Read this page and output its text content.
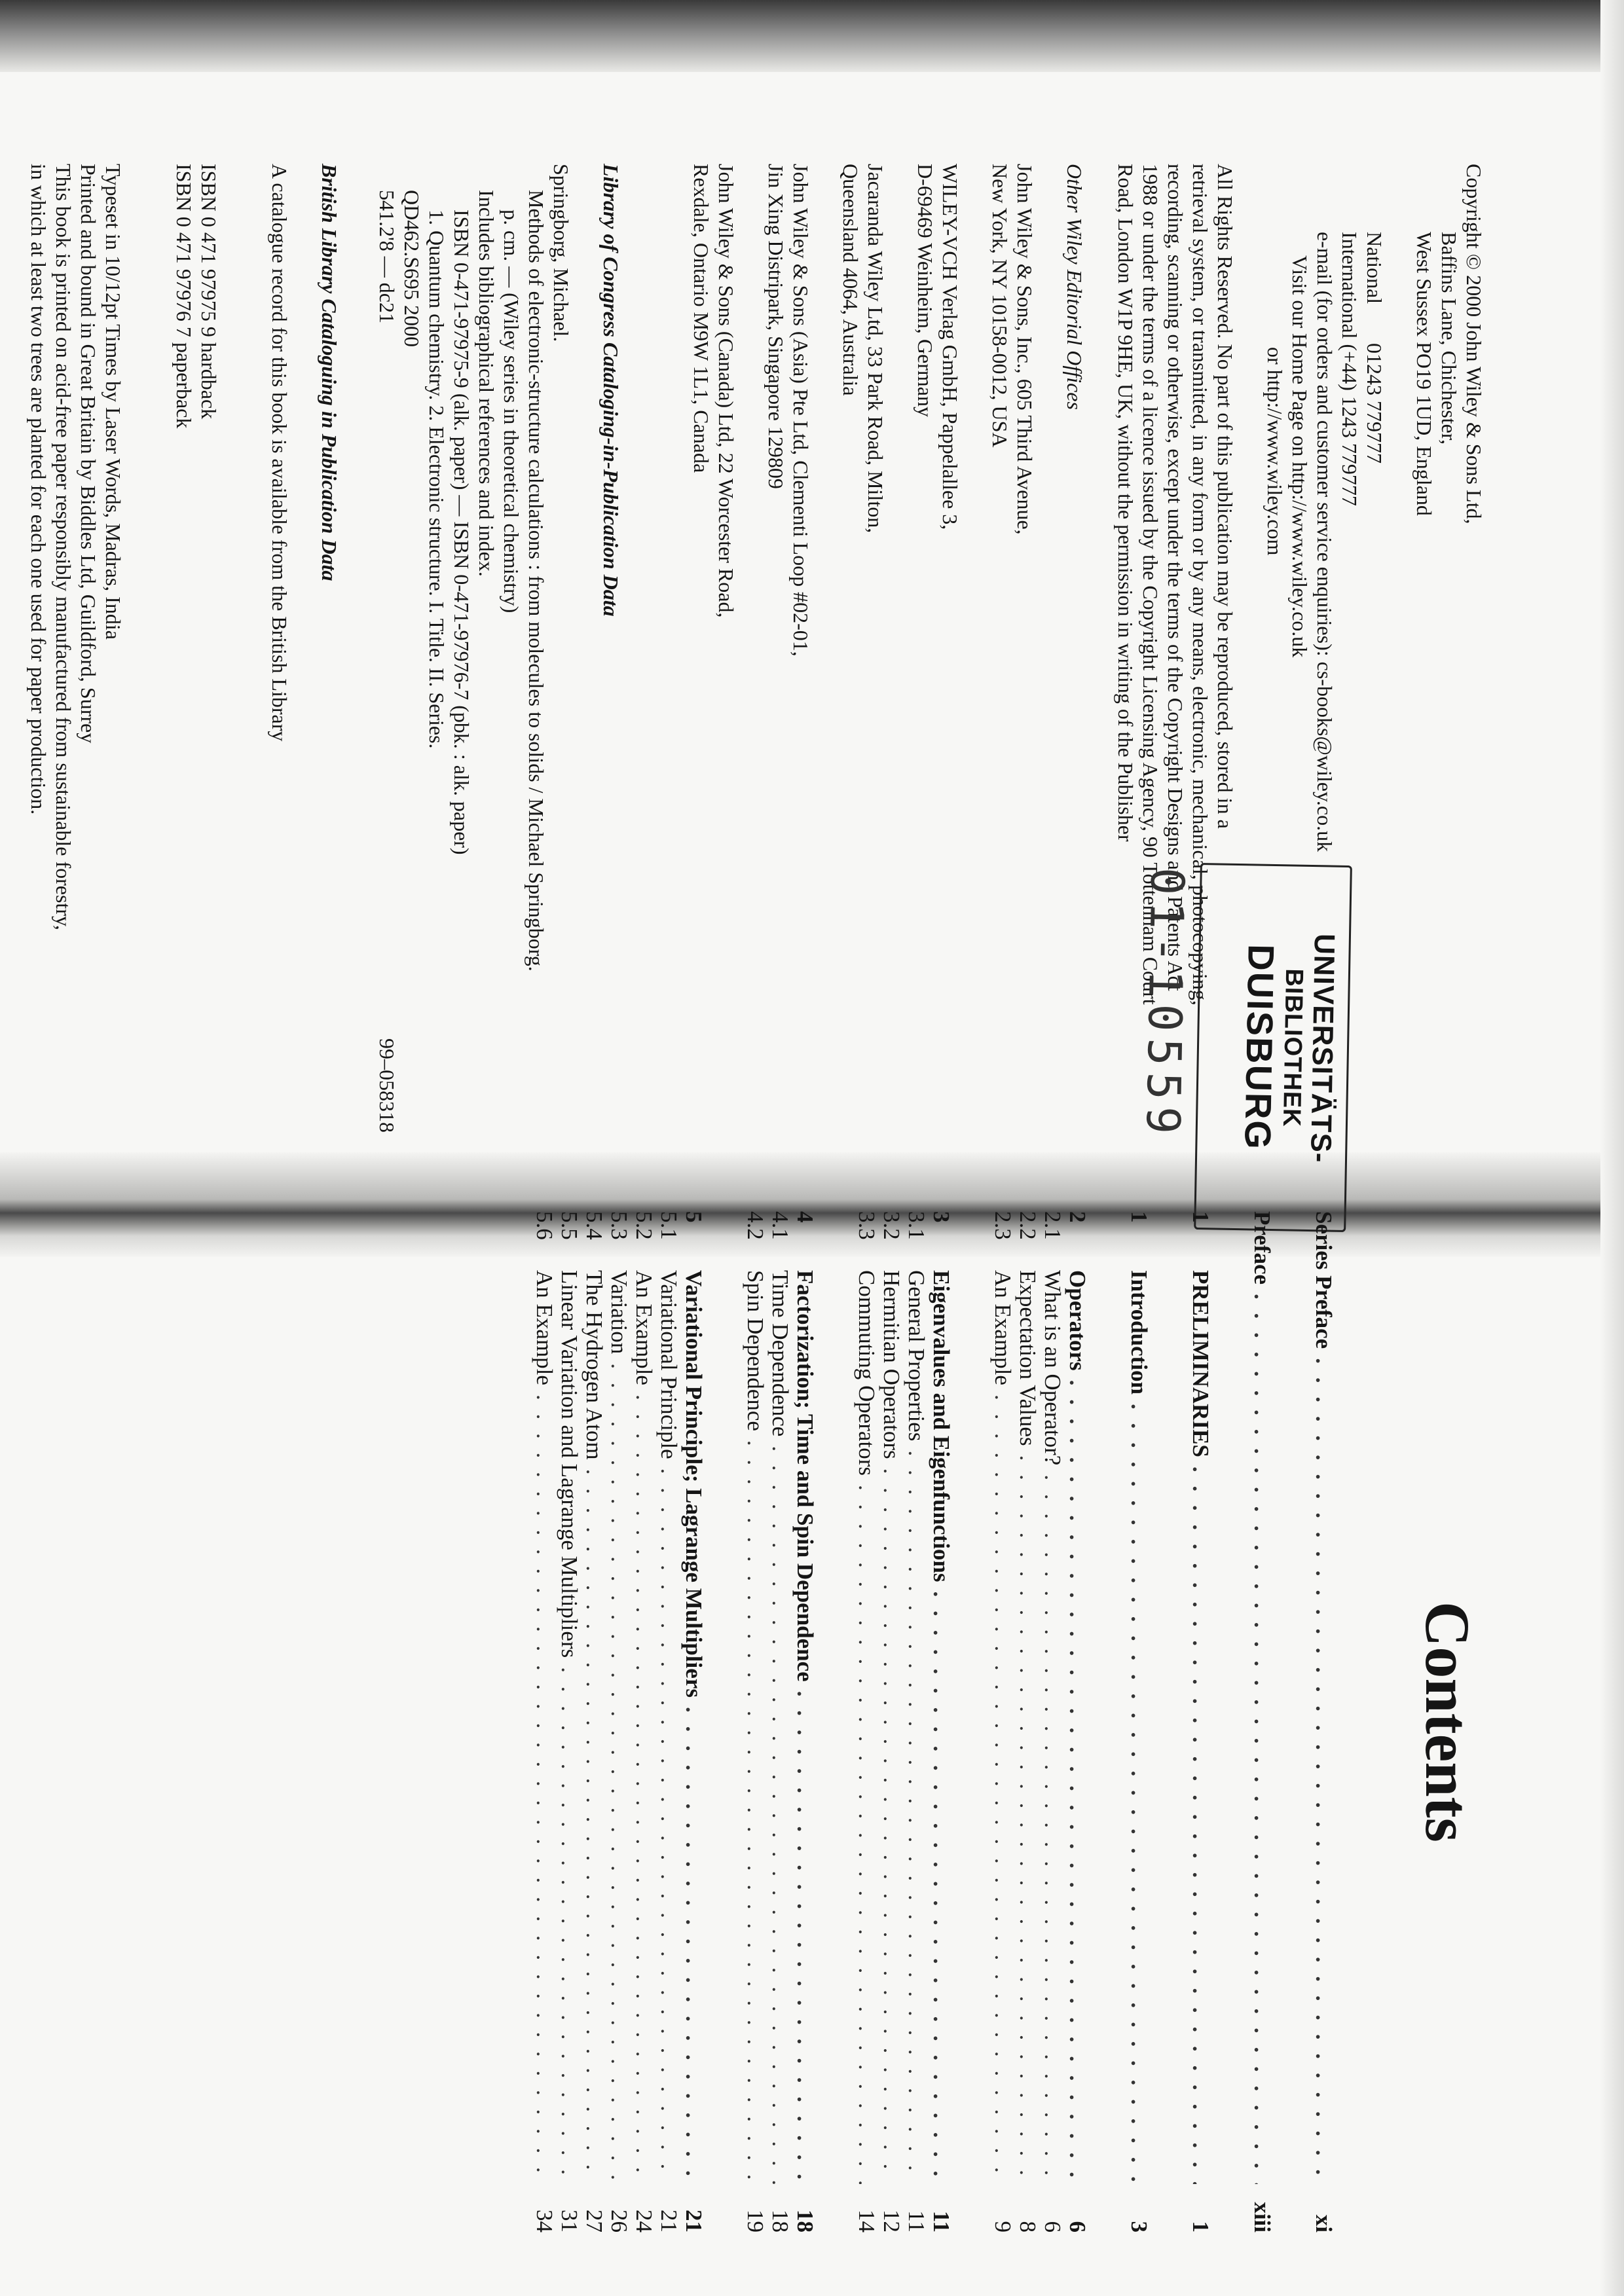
Copyright © 2000 John Wiley & Sons Ltd,
Baffins Lane, Chichester,
West Sussex PO19 1UD, England
National
01243 779777
International (+44) 1243 779777
e-mail (for orders and customer service enquiries): cs-books@wiley.co.uk
Visit our Home Page on http://www.wiley.co.uk
or http://www.wiley.com
All Rights Reserved. No part of this publication may be reproduced, stored in a
retrieval system, or transmitted, in any form or by any means, electronic, mechanical, photocopying,
recording, scanning or otherwise, except under the terms of the Copyright Designs and Patents Act
1988 or under the terms of a licence issued by the Copyright Licensing Agency, 90 Tottenham Court
Road, London W1P 9HE, UK, without the permission in writing of the Publisher
Other Wiley Editorial Offices
John Wiley & Sons, Inc., 605 Third Avenue,
New York, NY 10158-0012, USA
WILEY-VCH Verlag GmbH, Pappelallee 3,
D-69469 Weinheim, Germany
Jacaranda Wiley Ltd, 33 Park Road, Milton,
Queensland 4064, Australia
John Wiley & Sons (Asia) Pte Ltd, Clementi Loop #02-01,
Jin Xing Distripark, Singapore 129809
John Wiley & Sons (Canada) Ltd, 22 Worcester Road,
Rexdale, Ontario M9W 1L1, Canada
Library of Congress Cataloging-in-Publication Data
Springborg, Michael.
Methods of electronic-structure calculations : from molecules to solids / Michael Springborg.
p. cm. — (Wiley series in theoretical chemistry)
Includes bibliographical references and index.
ISBN 0-471-97975-9 (alk. paper) — ISBN 0-471-97976-7 (pbk. : alk. paper)
1. Quantum chemistry. 2. Electronic structure. I. Title. II. Series.
QD462.S695 2000
541.2'8 — dc21
99–058318
British Library Cataloguing in Publication Data
A catalogue record for this book is available from the British Library
ISBN 0 471 97975 9 hardback
ISBN 0 471 97976 7 paperback
Typeset in 10/12pt Times by Laser Words, Madras, India
Printed and bound in Great Britain by Biddles Ltd, Guildford, Surrey
This book is printed on acid-free paper responsibly manufactured from sustainable forestry,
in which at least two trees are planted for each one used for paper production.
UNIVERSITÄTS-
BIBLIOTHEK
DUISBURG
01-10559
Contents
Series Preface
. . .
xi
Preface
. . .
xiii
1
PRELIMINARIES
. . .
1
1
Introduction
. . .
3
2
Operators
. . .
6
2.1
What is an Operator?
. . .
6
2.2
Expectation Values
. . .
8
2.3
An Example
. . .
9
3
Eigenvalues and Eigenfunctions
. . .
11
3.1
General Properties
. . .
11
3.2
Hermitian Operators
. . .
12
3.3
Commuting Operators
. . .
14
4
Factorization; Time and Spin Dependence
. . .
18
4.1
Time Dependence
. . .
18
4.2
Spin Dependence
. . .
19
5
Variational Principle; Lagrange Multipliers
. . .
21
5.1
Variational Principle
. . .
21
5.2
An Example
. . .
24
5.3
Variation
. . .
26
5.4
The Hydrogen Atom
. . .
27
5.5
Linear Variation and Lagrange Multipliers
. . .
31
5.6
An Example
. . .
34
